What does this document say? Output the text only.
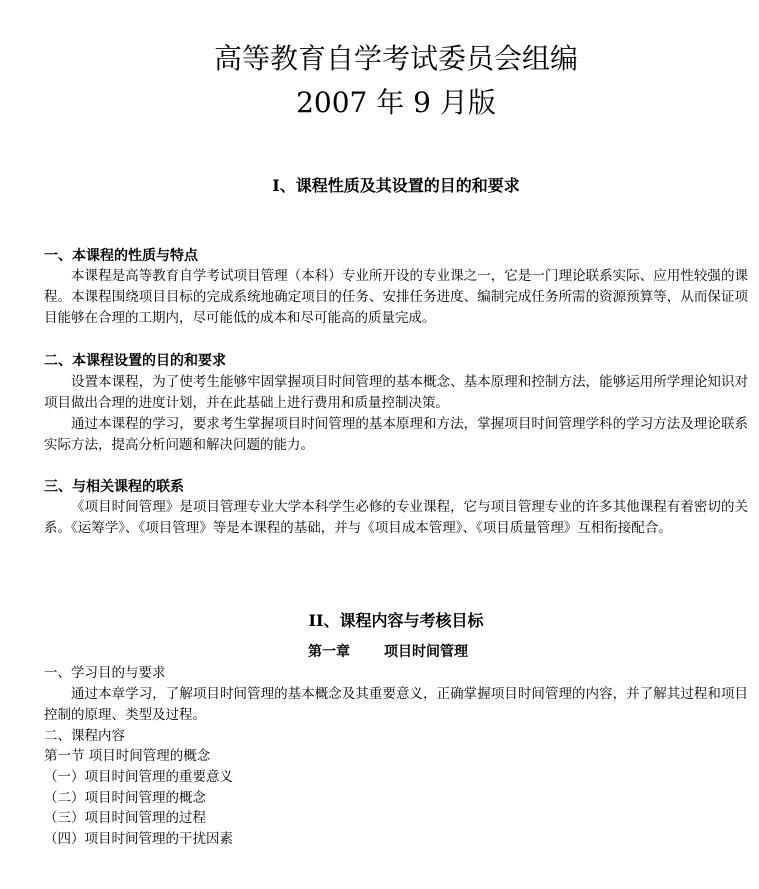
高等教育自学考试委员会组编
2007 年 9 月版
I、课程性质及其设置的目的和要求
一、本课程的性质与特点
本课程是高等教育自学考试项目管理（本科）专业所开设的专业课之一，它是一门理论联系实际、应用性较强的课程。本课程围绕项目目标的完成系统地确定项目的任务、安排任务进度、编制完成任务所需的资源预算等，从而保证项目能够在合理的工期内，尽可能低的成本和尽可能高的质量完成。
二、本课程设置的目的和要求
设置本课程，为了使考生能够牢固掌握项目时间管理的基本概念、基本原理和控制方法，能够运用所学理论知识对项目做出合理的进度计划，并在此基础上进行费用和质量控制决策。
通过本课程的学习，要求考生掌握项目时间管理的基本原理和方法，掌握项目时间管理学科的学习方法及理论联系实际方法，提高分析问题和解决问题的能力。
三、与相关课程的联系
《项目时间管理》是项目管理专业大学本科学生必修的专业课程，它与项目管理专业的许多其他课程有着密切的关系。《运筹学》、《项目管理》等是本课程的基础，并与《项目成本管理》、《项目质量管理》互相衔接配合。
II、课程内容与考核目标
第一章 项目时间管理
一、学习目的与要求
通过本章学习，了解项目时间管理的基本概念及其重要意义，正确掌握项目时间管理的内容，并了解其过程和项目控制的原理、类型及过程。
二、课程内容
第一节 项目时间管理的概念
（一）项目时间管理的重要意义
（二）项目时间管理的概念
（三）项目时间管理的过程
（四）项目时间管理的干扰因素
